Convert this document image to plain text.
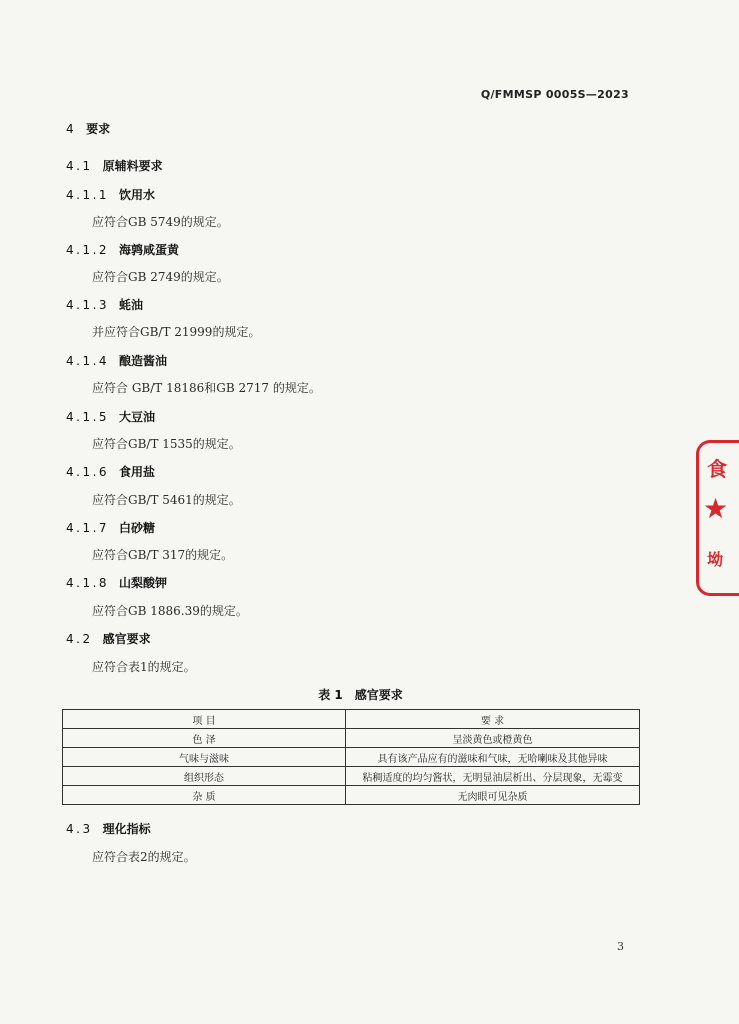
Q/FMMSP 0005S—2023
4 要求
4.1 原辅料要求
4.1.1 饮用水
应符合GB 5749的规定。
4.1.2 海鹑咸蛋黄
应符合GB 2749的规定。
4.1.3 蚝油
并应符合GB/T 21999的规定。
4.1.4 酿造酱油
应符合 GB/T 18186和GB 2717 的规定。
4.1.5 大豆油
应符合GB/T 1535的规定。
4.1.6 食用盐
应符合GB/T 5461的规定。
4.1.7 白砂糖
应符合GB/T 317的规定。
4.1.8 山梨酸钾
应符合GB 1886.39的规定。
4.2 感官要求
应符合表1的规定。
表 1 感官要求
项 目	要 求
色 泽	呈淡黄色或橙黄色
气味与滋味	具有该产品应有的滋味和气味，无哈喇味及其他异味
组织形态	粘稠适度的均匀酱状，无明显油层析出、分层现象，无霉变
杂 质	无肉眼可见杂质
4.3 理化指标
应符合表2的规定。
3
食
★
坳
